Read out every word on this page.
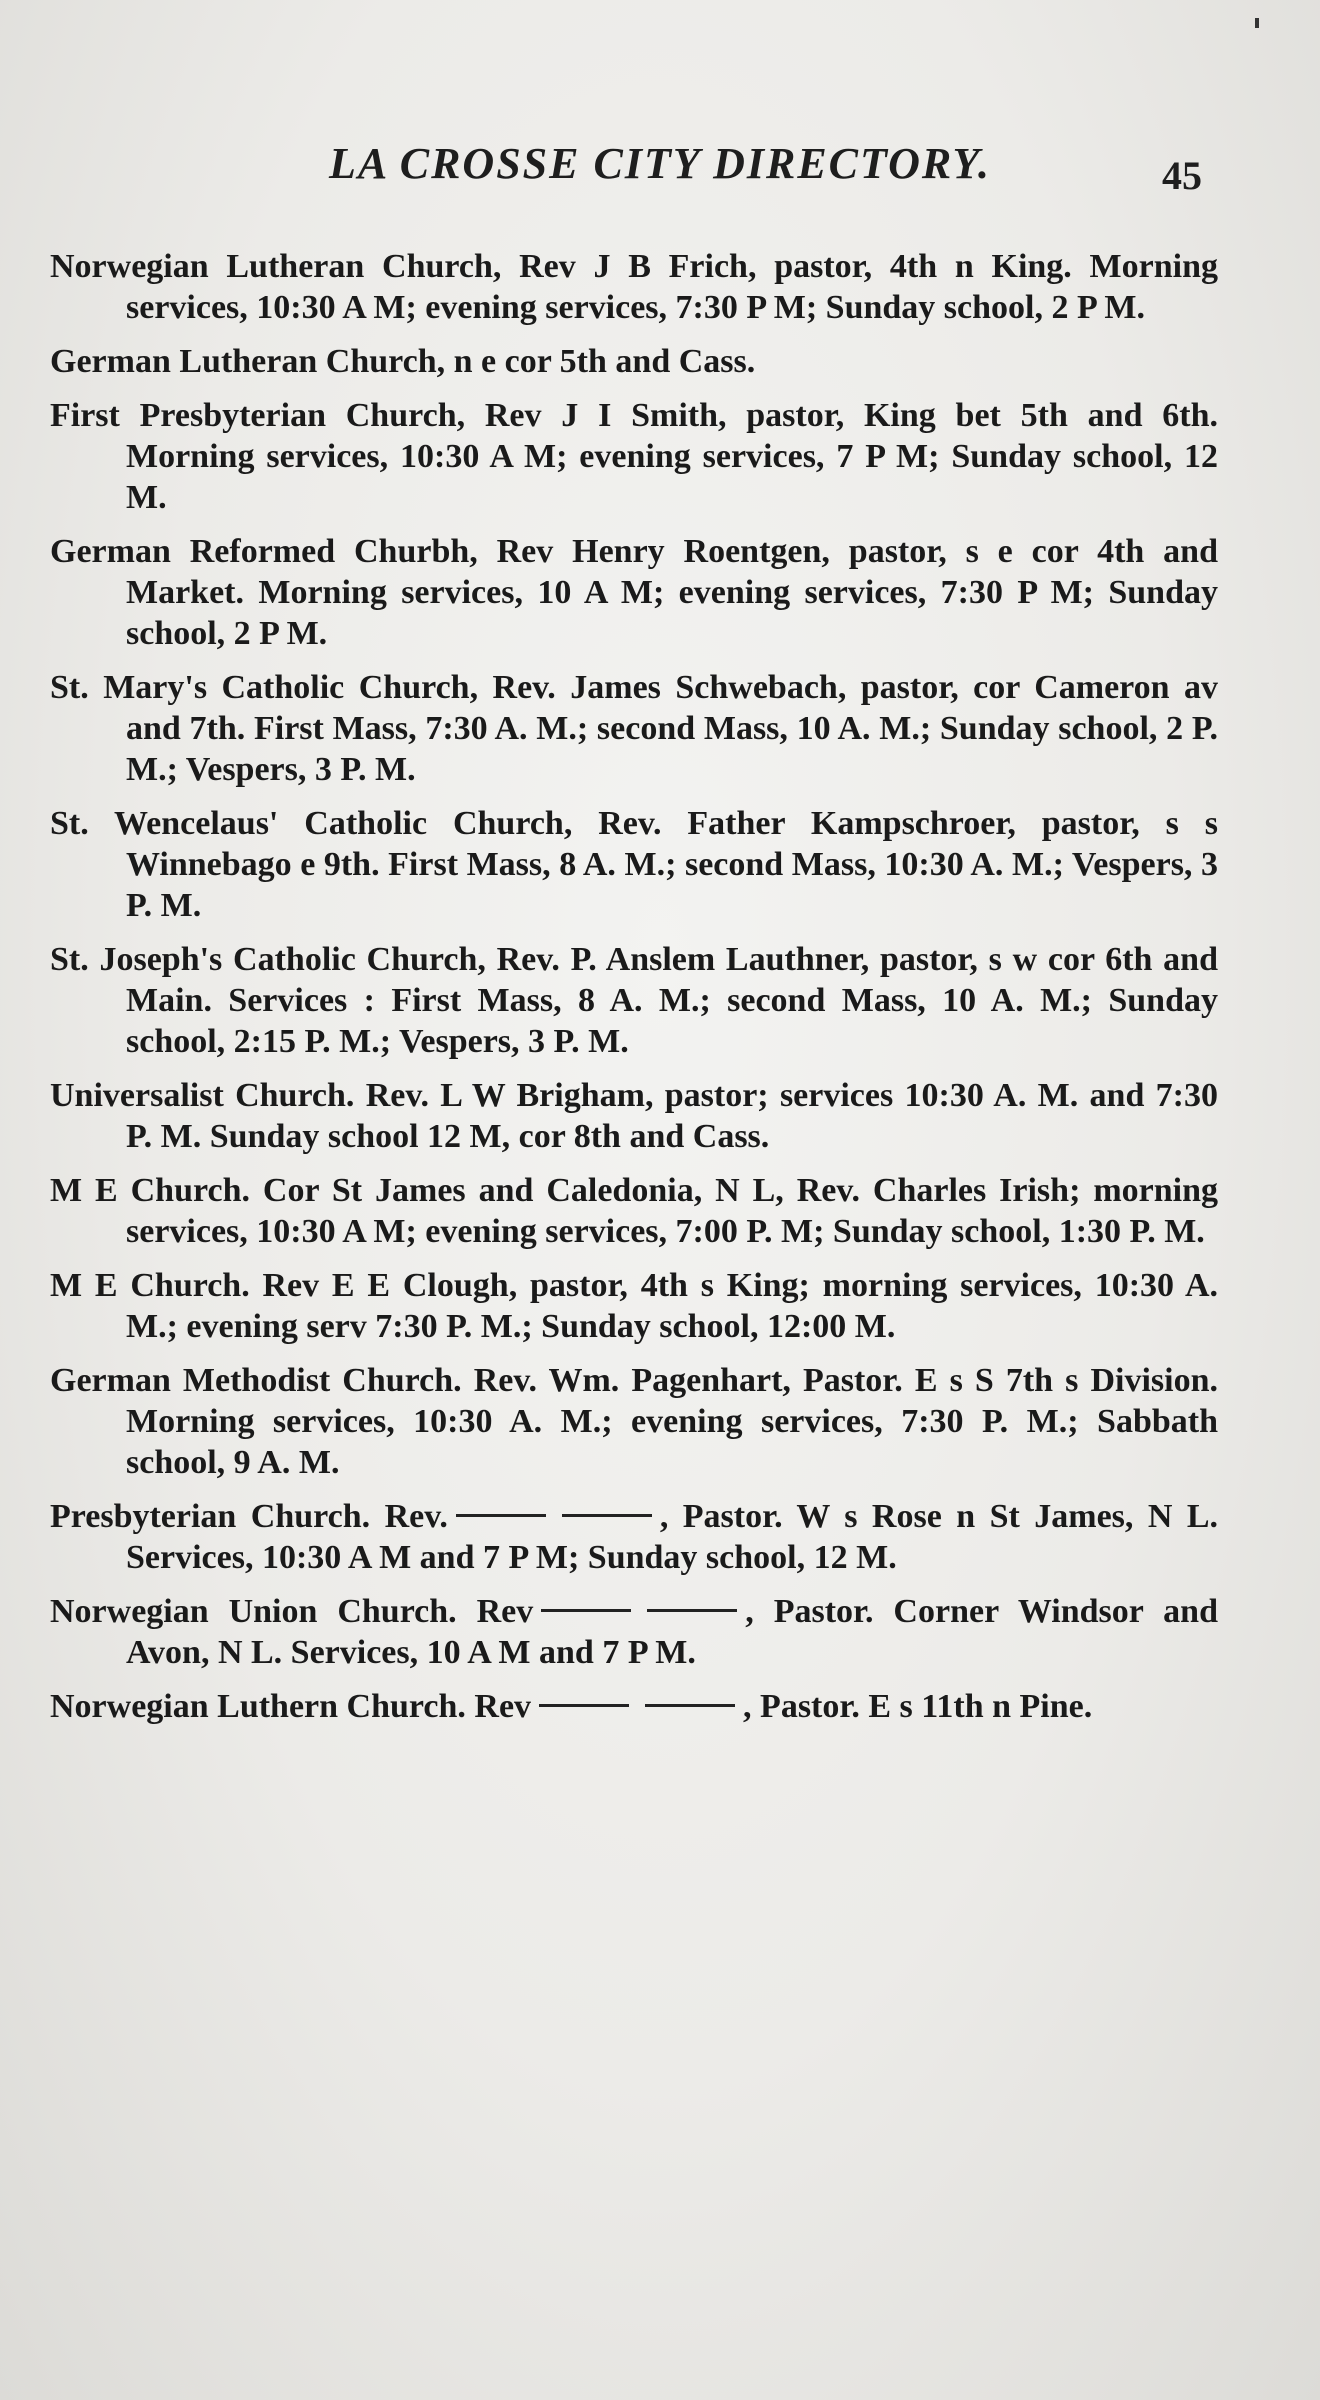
LA CROSSE CITY DIRECTORY.	45

Norwegian Lutheran Church, Rev J B Frich, pastor, 4th n King. Morning services, 10:30 A M; evening services, 7:30 P M; Sunday school, 2 P M.

German Lutheran Church, n e cor 5th and Cass.

First Presbyterian Church, Rev J I Smith, pastor, King bet 5th and 6th. Morning services, 10:30 A M; evening services, 7 P M; Sunday school, 12 M.

German Reformed Churbh, Rev Henry Roentgen, pastor, s e cor 4th and Market. Morning services, 10 A M; evening services, 7:30 P M; Sunday school, 2 P M.

St. Mary's Catholic Church, Rev. James Schwebach, pastor, cor Cameron av and 7th. First Mass, 7:30 A. M.; second Mass, 10 A. M.; Sunday school, 2 P. M.; Vespers, 3 P. M.

St. Wencelaus' Catholic Church, Rev. Father Kampschroer, pastor, s s Winnebago e 9th. First Mass, 8 A. M.; second Mass, 10:30 A. M.; Vespers, 3 P. M.

St. Joseph's Catholic Church, Rev. P. Anslem Lauthner, pastor, s w cor 6th and Main. Services : First Mass, 8 A. M.; second Mass, 10 A. M.; Sunday school, 2:15 P. M.; Vespers, 3 P. M.

Universalist Church. Rev. L W Brigham, pastor; services 10:30 A. M. and 7:30 P. M. Sunday school 12 M, cor 8th and Cass.

M E Church. Cor St James and Caledonia, N L, Rev. Charles Irish; morning services, 10:30 A M; evening services, 7:00 P. M; Sunday school, 1:30 P. M.

M E Church. Rev E E Clough, pastor, 4th s King; morning services, 10:30 A. M.; evening serv 7:30 P. M.; Sunday school, 12:00 M.

German Methodist Church. Rev. Wm. Pagenhart, Pastor. E s S 7th s Division. Morning services, 10:30 A. M.; evening services, 7:30 P. M.; Sabbath school, 9 A. M.

Presbyterian Church. Rev.	, Pastor. W s Rose n St James, N L. Services, 10:30 A M and 7 P M; Sunday school, 12 M.

Norwegian Union Church. Rev	, Pastor. Corner Windsor and Avon, N L. Services, 10 A M and 7 P M.

Norwegian Luthern Church. Rev	, Pastor. E s 11th n Pine.
